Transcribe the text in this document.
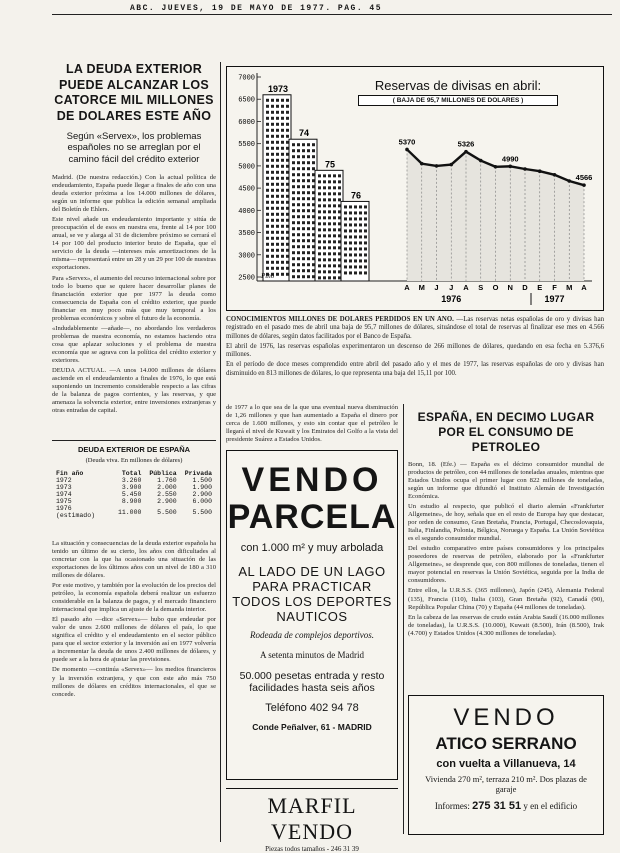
ABC. JUEVES, 19 DE MAYO DE 1977. PAG. 45
LA DEUDA EXTERIOR PUEDE ALCANZAR LOS CATORCE MIL MILLONES DE DOLARES ESTE AÑO
Según «Servex», los problemas españoles no se arreglan por el camino fácil del crédito exterior

Madrid. (De nuestra redacción.) Con la actual política de endeudamiento, España puede llegar a finales de año con una deuda exterior próxima a los 14.000 millones de dólares, según un informe que publica la edición semanal ampliada del Boletín de Ehlers.

Este nivel añade un endeudamiento importante y sitúa de preocupación el de esos en nuestra era, frente al 14 por 100 anual, se ve y alarga al 31 de diciembre próximo se cerrará el 14 por 100 del producto interior bruto de España, que el servicio de la deuda —intereses más amortizaciones de la misma— representará entre un 28 y un 29 por 100 de nuestras exportaciones.

Para «Servex», el aumento del recurso internacional sobre por todo lo bueno que se quiere hacer desarrollar planes de financiación exterior que por 1977 la deuda como consecuencia de España con el crédito exterior, que puede financiar en muy poco más que muy temporal a los problemas económicos y sobre el futuro de la economía.

«Indudablemente —añade—, no abordando los verdaderos problemas de nuestra economía, no estamos haciendo otra cosa que aplazar soluciones y el problema de nuestra economía que se agrava con la política del crédito exterior y exteriores.

DEUDA ACTUAL. —A unos 14.000 millones de dólares asciende en el endeudamiento a finales de 1976, lo que está suponiendo un incremento considerable respecto a las cifras de la balanza de pagos corrientes, y las reservas, y que amenaza la solvencia exterior, entre inversiones extranjeras y otras entradas de capital.

DEUDA EXTERIOR DE ESPAÑA
(Deuda viva. En millones de dólares)
Fin año	Total	Pública	Privada
1972	3.260	1.760	1.500
1973	3.900	2.000	1.900
1974	5.450	2.550	2.900
1975	8.900	2.900	6.000
1976 (estimado)	11.000	5.500	5.500

La situación y consecuencias de la deuda exterior española ha tenido un último de su cierto, los años con dificultades al concretar con la que ha ocasionado una situación de las exportaciones de los últimos años con un nivel de 180 a 310 millones de dólares.

Por este motivo, y también por la evolución de los precios del petróleo, la economía española deberá realizar un esfuerzo considerable en la balanza de pagos, y el mercado financiero internacional que implica un ajuste de la demanda interior.

El pasado año —dice «Servex»— hubo que endeudar por valor de unos 2.600 millones de dólares el país, lo que significa el crédito y el endeudamiento en el sector público para que el sector exterior y la inversión así en 1977 volvería a incrementar la deuda de unos 2.400 millones de dólares, y puede ser a la hora de ajustar las previsiones.

De momento —continúa «Servex»— los medios financieros y la inversión extranjera, y que con este año más 750 millones de dólares en créditos internacionales, el que se concede.

7000
6500
6000
5500
5000
4500
4000
3500
3000
2500
1973
74
75
76
Pino
5370	5326
4990
4566
A M J J A S O N D E F M A
1976	1977
Reservas de divisas en abril:
( BAJA DE 95,7 MILLONES DE DOLARES )

CONOCIMIENTOS MILLONES DE DOLARES PERDIDOS EN UN AÑO. —Las reservas netas españolas de oro y divisas han registrado en el pasado mes de abril una baja de 95,7 millones de dólares, situándose el total de reservas al finalizar ese mes en 4.566 millones de dólares, según datos facilitados por el Banco de España.

El abril de 1976, las reservas españolas experimentaron un descenso de 266 millones de dólares, quedando en esa fecha en 5.376,6 millones.

En el período de doce meses comprendido entre abril del pasado año y el mes de 1977, las reservas españolas de oro y divisas han disminuido en 813 millones de dólares, lo que representa una baja del 15,11 por 100.

de 1977 a lo que sea de la que una eventual nueva disminución de 1,26 millones y que han aumentado a España el dinero por cerca de 1.600 millones, y esto sin contar que el petróleo le llegará el nivel de Kuwait y los Emiratos del Golfo a la vista del presidente Suárez a Estados Unidos.
VENDO
PARCELA
con 1.000 m² y muy arbolada
AL LADO DE UN LAGO
PARA PRACTICAR
TODOS LOS DEPORTES
NAUTICOS
Rodeada de complejos deportivos.
A setenta minutos de Madrid
50.000 pesetas entrada y resto
facilidades hasta seis años
Teléfono 402 94 78
Conde Peñalver, 61 - MADRID
MARFIL VENDO
Piezas todos tamaños - 246 31 39
ESPAÑA, EN DECIMO LUGAR POR EL CONSUMO DE PETROLEO

Bonn, 18. (Efe.) — España es el décimo consumidor mundial de productos de petróleo, con 44 millones de toneladas anuales, mientras que Estados Unidos ocupa el primer lugar con 822 millones de toneladas, según un informe que difundió el Instituto Alemán de Investigación Económica.

Un estudio al respecto, que publicó el diario alemán «Frankfurter Allgemeine», de hoy, señala que en el resto de Europa hay que destacar, por orden de consumo, Gran Bretaña, Francia, Portugal, Checoslovaquia, Italia, Finlandia, Polonia, Bélgica, Noruega y España. La Unión Soviética es el segundo consumidor mundial.

Del estudio comparativo entre países consumidores y los principales poseedores de reservas de petróleo, elaborado por la «Frankfurter Allgemeine», se desprende que, con 800 millones de toneladas, tienen el mayor potencial en reservas la Unión Soviética, seguida por la India de consumidores.

Entre ellos, la U.R.S.S. (365 millones), Japón (245), Alemania Federal (135), Francia (110), Italia (103), Gran Bretaña (92), Canadá (90), República Popular China (70) y España (44 millones de toneladas).

En la cabeza de las reservas de crudo están Arabia Saudí (16.000 millones de toneladas), la U.R.S.S. (10.000), Kuwait (8.500), Irán (8.500), Irak (4.700) y Estados Unidos (4.300 millones de toneladas).

VENDO
ATICO SERRANO
con vuelta a Villanueva, 14
Vivienda 270 m², terraza 210 m². Dos plazas de garaje
Informes: 275 31 51 y en el edificio
